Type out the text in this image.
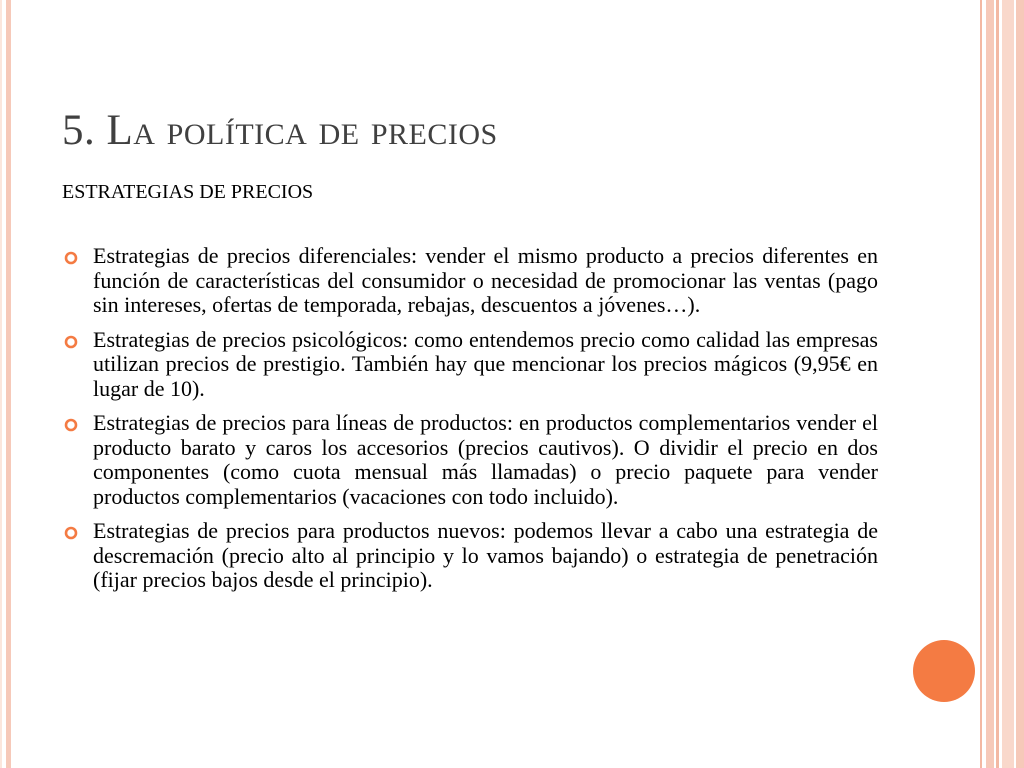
5. La política de precios

ESTRATEGIAS DE PRECIOS

Estrategias de precios diferenciales: vender el mismo producto a precios diferentes en función de características del consumidor o necesidad de promocionar las ventas (pago sin intereses, ofertas de temporada, rebajas, descuentos a jóvenes…).
Estrategias de precios psicológicos: como entendemos precio como calidad las empresas utilizan precios de prestigio. También hay que mencionar los precios mágicos (9,95€ en lugar de 10).
Estrategias de precios para líneas de productos: en productos complementarios vender el producto barato y caros los accesorios (precios cautivos). O dividir el precio en dos componentes (como cuota mensual más llamadas) o precio paquete para vender productos complementarios (vacaciones con todo incluido).
Estrategias de precios para productos nuevos: podemos llevar a cabo una estrategia de descremación (precio alto al principio y lo vamos bajando) o estrategia de penetración (fijar precios bajos desde el principio).
